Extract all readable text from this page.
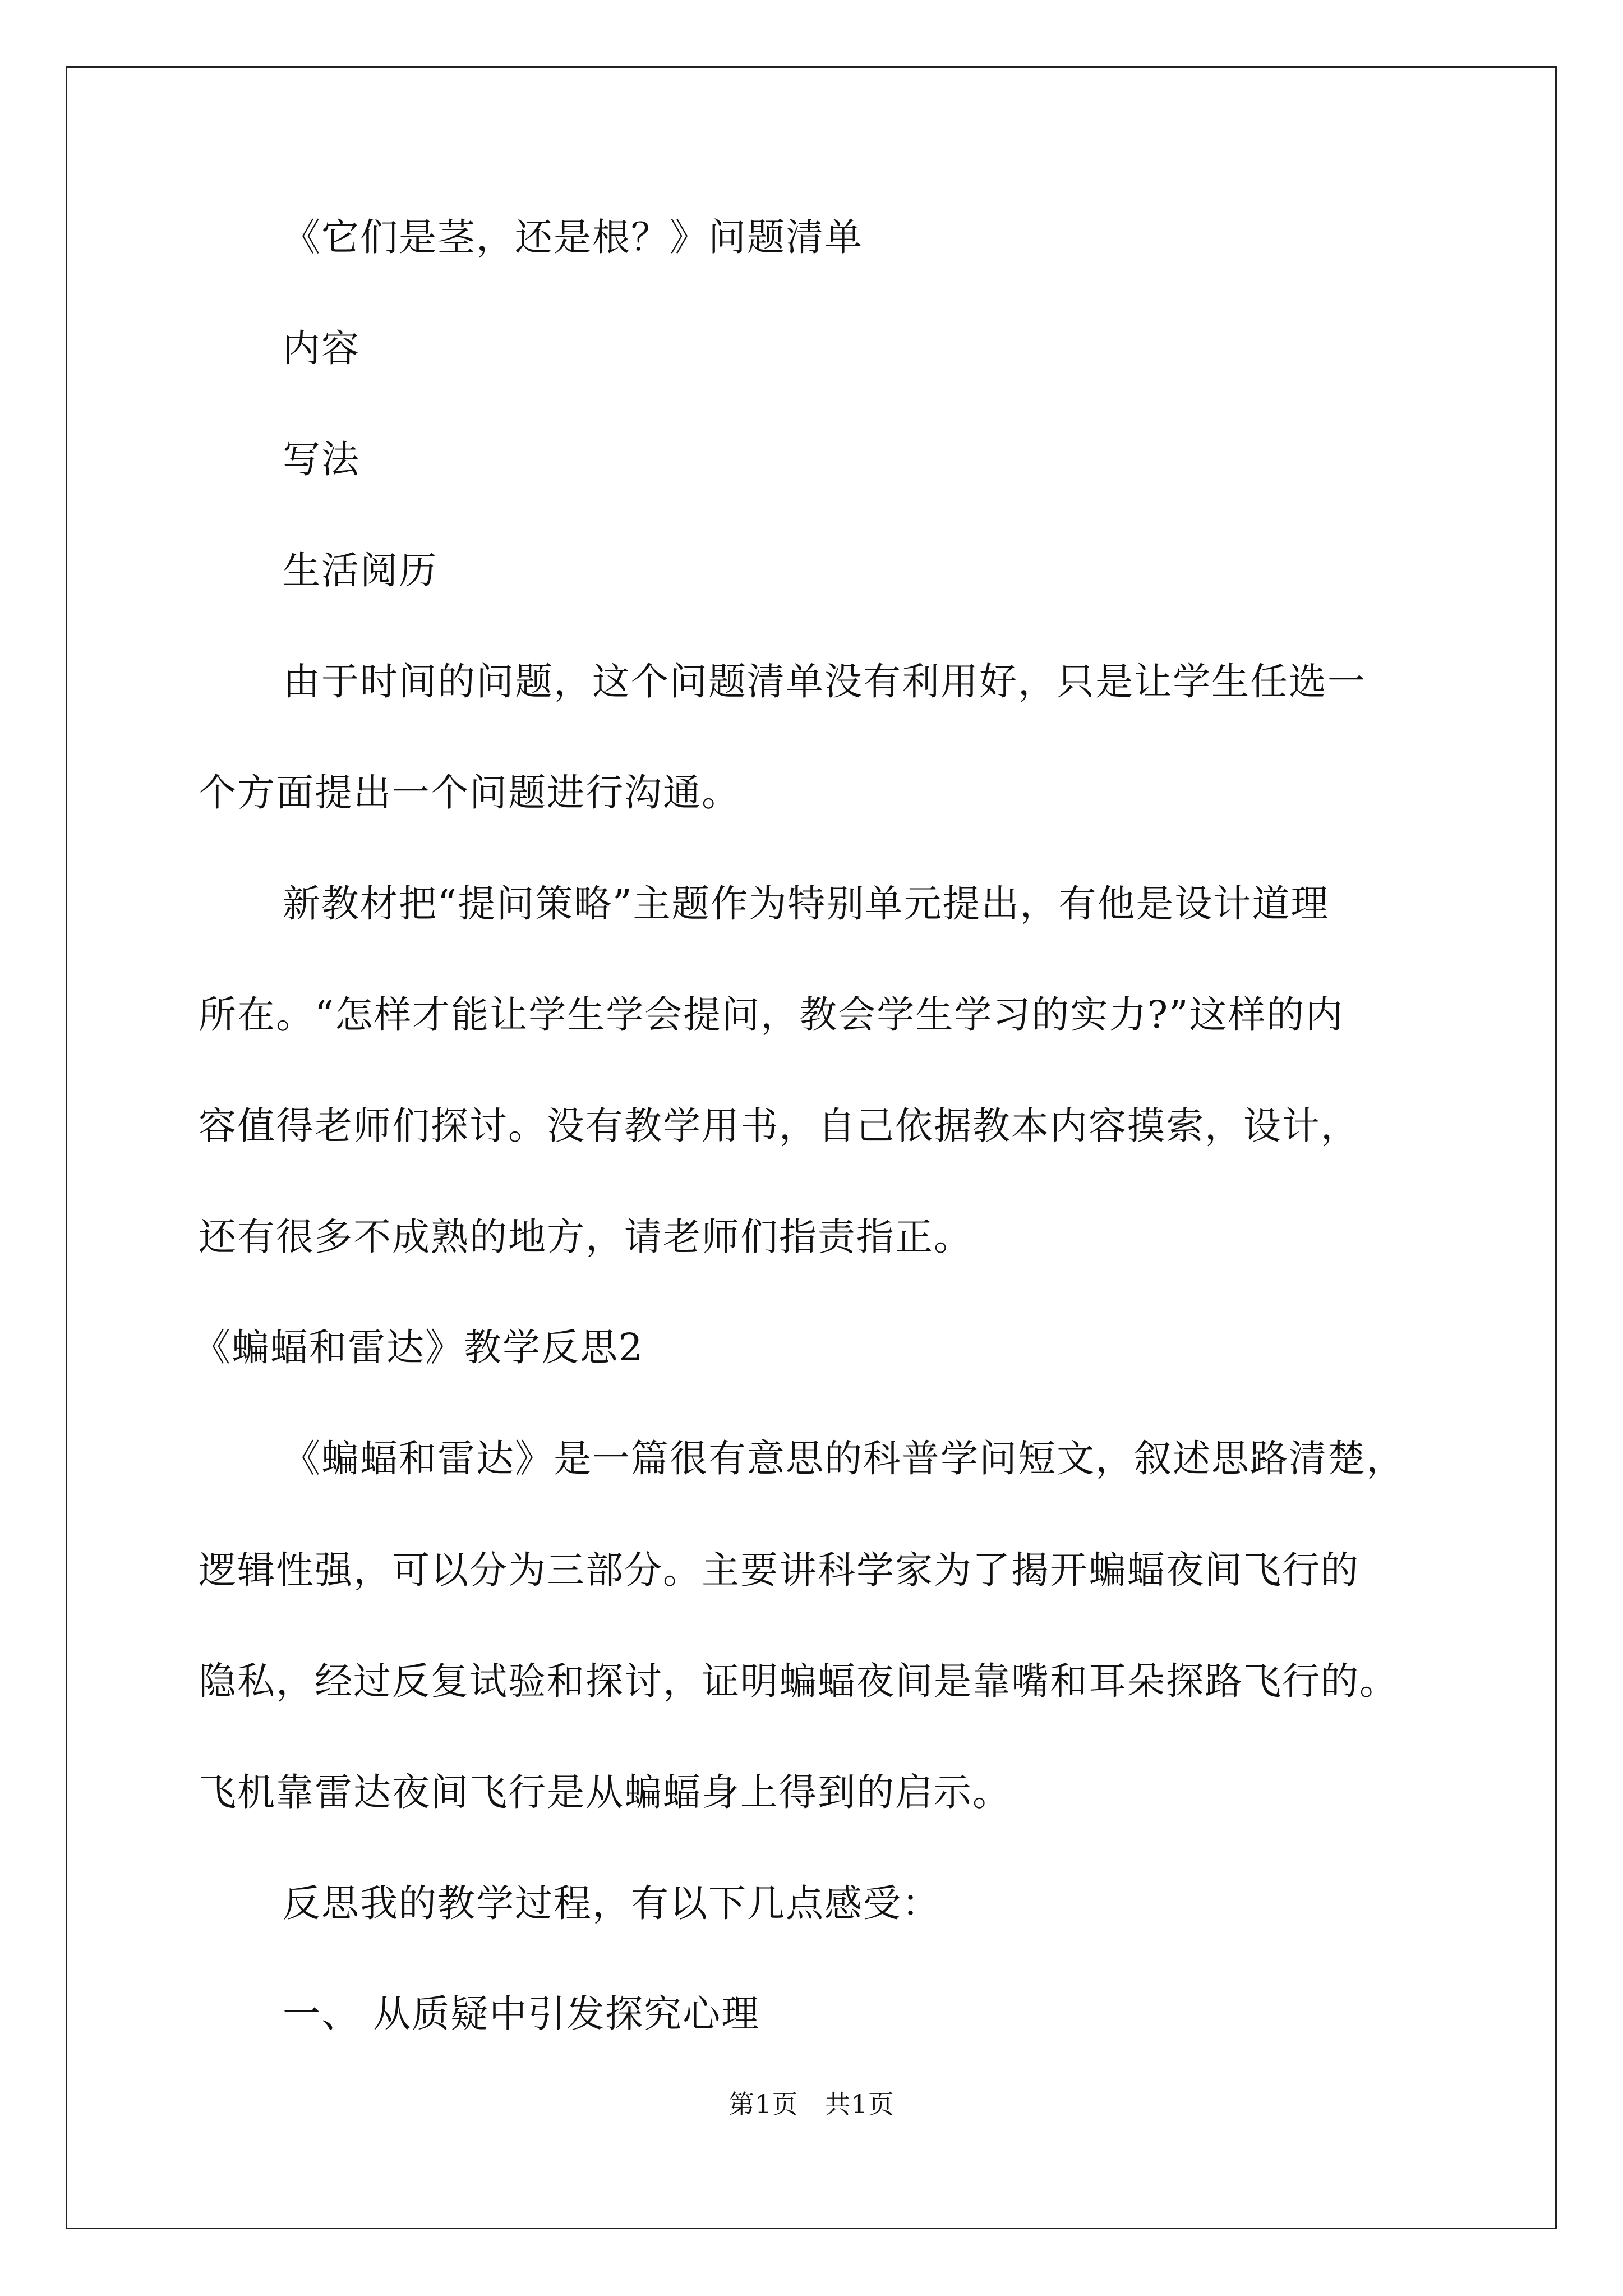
《它们是茎，还是根？》问题清单
内容
写法
生活阅历
由于时间的问题，这个问题清单没有利用好，只是让学生任选一
个方面提出一个问题进行沟通。
新教材把“提问策略”主题作为特别单元提出，有他是设计道理
所在。“怎样才能让学生学会提问，教会学生学习的实力?”这样的内
容值得老师们探讨。没有教学用书，自己依据教本内容摸索，设计，
还有很多不成熟的地方，请老师们指责指正。
《蝙蝠和雷达》教学反思2
《蝙蝠和雷达》是一篇很有意思的科普学问短文，叙述思路清楚，
逻辑性强，可以分为三部分。主要讲科学家为了揭开蝙蝠夜间飞行的
隐私，经过反复试验和探讨，证明蝙蝠夜间是靠嘴和耳朵探路飞行的。
飞机靠雷达夜间飞行是从蝙蝠身上得到的启示。
反思我的教学过程，有以下几点感受：
一、 从质疑中引发探究心理
第1页　共1页
